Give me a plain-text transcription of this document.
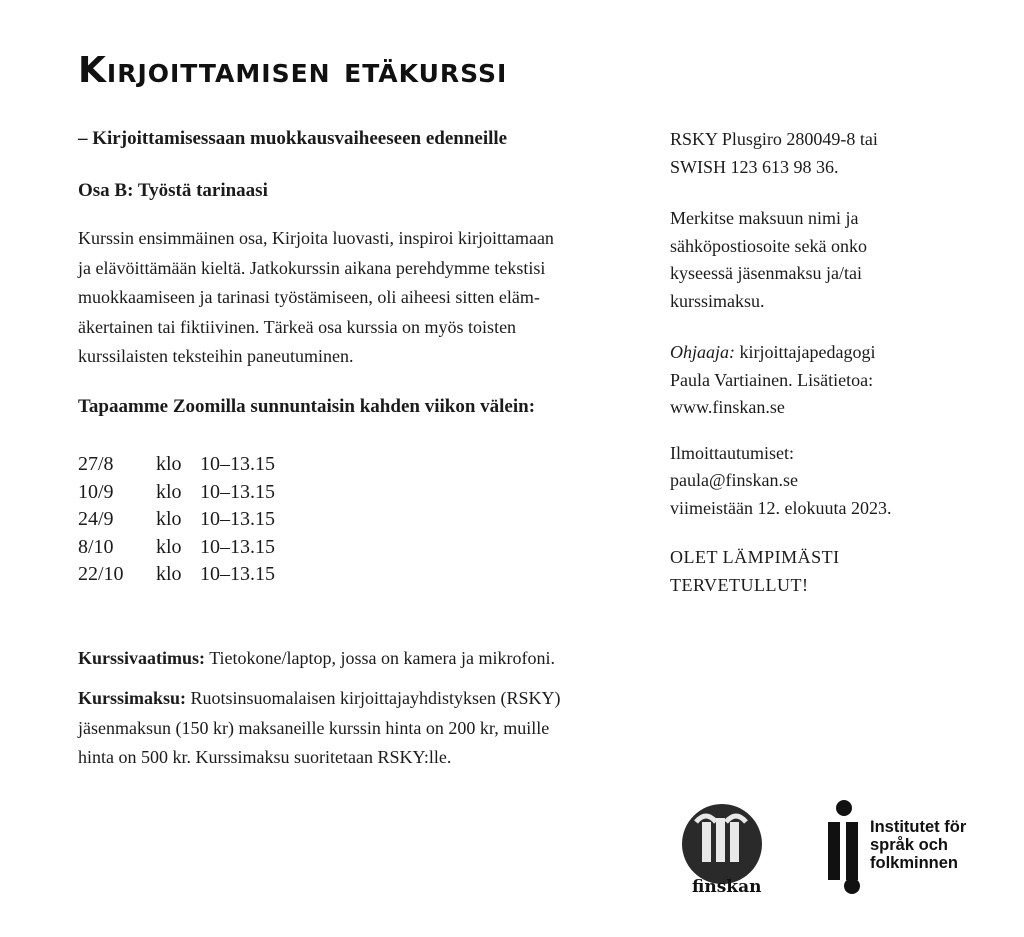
Kirjoittamisen etäkurssi

– Kirjoittamisessaan muokkausvaiheeseen edenneille

Osa B: Työstä tarinaasi

Kurssin ensimmäinen osa, Kirjoita luovasti, inspiroi kirjoittamaan
ja elävöittämään kieltä. Jatkokurssin aikana perehdymme tekstisi
muokkaamiseen ja tarinasi työstämiseen, oli aiheesi sitten eläm-
äkertainen tai fiktiivinen. Tärkeä osa kurssia on myös toisten
kurssilaisten teksteihin paneutuminen.

Tapaamme Zoomilla sunnuntaisin kahden viikon välein:
27/8	klo 10–13.15
10/9	klo 10–13.15
24/9	klo 10–13.15
8/10	klo 10–13.15
22/10	klo 10–13.15

Kurssivaatimus: Tietokone/laptop, jossa on kamera ja mikrofoni.

Kurssimaksu: Ruotsinsuomalaisen kirjoittajayhdistyksen (RSKY)
jäsenmaksun (150 kr) maksaneille kurssin hinta on 200 kr, muille
hinta on 500 kr. Kurssimaksu suoritetaan RSKY:lle.

RSKY Plusgiro 280049-8 tai
SWISH 123 613 98 36.

Merkitse maksuun nimi ja
sähköpostiosoite sekä onko
kyseessä jäsenmaksu ja/tai
kurssimaksu.

Ohjaaja: kirjoittajapedagogi
Paula Vartiainen. Lisätietoa:
www.finskan.se

Ilmoittautumiset:
paula@finskan.se
viimeistään 12. elokuuta 2023.

OLET LÄMPIMÄSTI
TERVETULLUT!

finskan
Institutet för
språk och
folkminnen
